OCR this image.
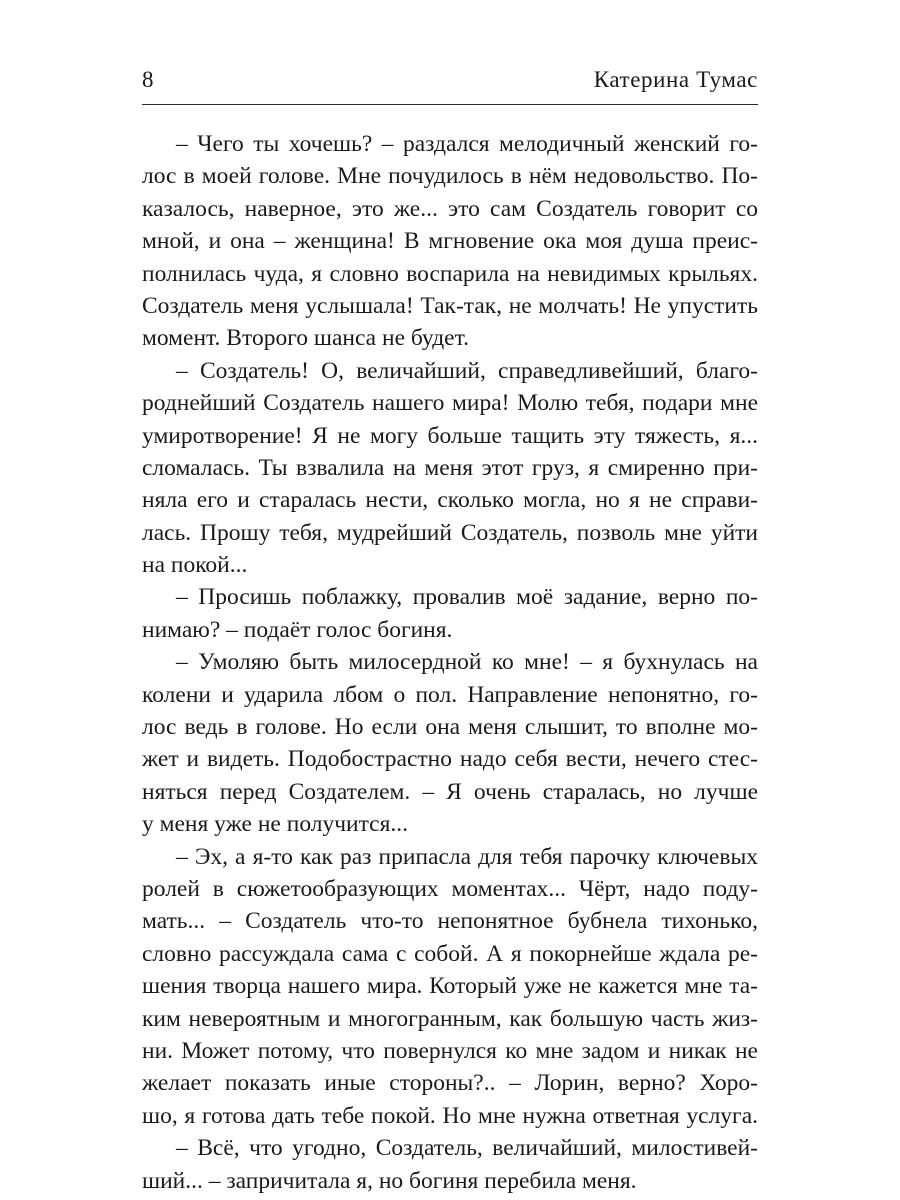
8	Катерина Тумас
– Чего ты хочешь? – раздался мелодичный женский го-
лос в моей голове. Мне почудилось в нём недовольство. По-
казалось, наверное, это же... это сам Создатель говорит со
мной, и она – женщина! В мгновение ока моя душа преис-
полнилась чуда, я словно воспарила на невидимых крыльях.
Создатель меня услышала! Так-так, не молчать! Не упустить
момент. Второго шанса не будет.
– Создатель! О, величайший, справедливейший, благо-
роднейший Создатель нашего мира! Молю тебя, подари мне
умиротворение! Я не могу больше тащить эту тяжесть, я...
сломалась. Ты взвалила на меня этот груз, я смиренно при-
няла его и старалась нести, сколько могла, но я не справи-
лась. Прошу тебя, мудрейший Создатель, позволь мне уйти
на покой...
– Просишь поблажку, провалив моё задание, верно по-
нимаю? – подаёт голос богиня.
– Умоляю быть милосердной ко мне! – я бухнулась на
колени и ударила лбом о пол. Направление непонятно, го-
лос ведь в голове. Но если она меня слышит, то вполне мо-
жет и видеть. Подобострастно надо себя вести, нечего стес-
няться перед Создателем. – Я очень старалась, но лучше
у меня уже не получится...
– Эх, а я-то как раз припасла для тебя парочку ключевых
ролей в сюжетообразующих моментах... Чёрт, надо поду-
мать... – Создатель что-то непонятное бубнела тихонько,
словно рассуждала сама с собой. А я покорнейше ждала ре-
шения творца нашего мира. Который уже не кажется мне та-
ким невероятным и многогранным, как большую часть жиз-
ни. Может потому, что повернулся ко мне задом и никак не
желает показать иные стороны?.. – Лорин, верно? Хоро-
шо, я готова дать тебе покой. Но мне нужна ответная услуга.
– Всё, что угодно, Создатель, величайший, милостивей-
ший... – запричитала я, но богиня перебила меня.
